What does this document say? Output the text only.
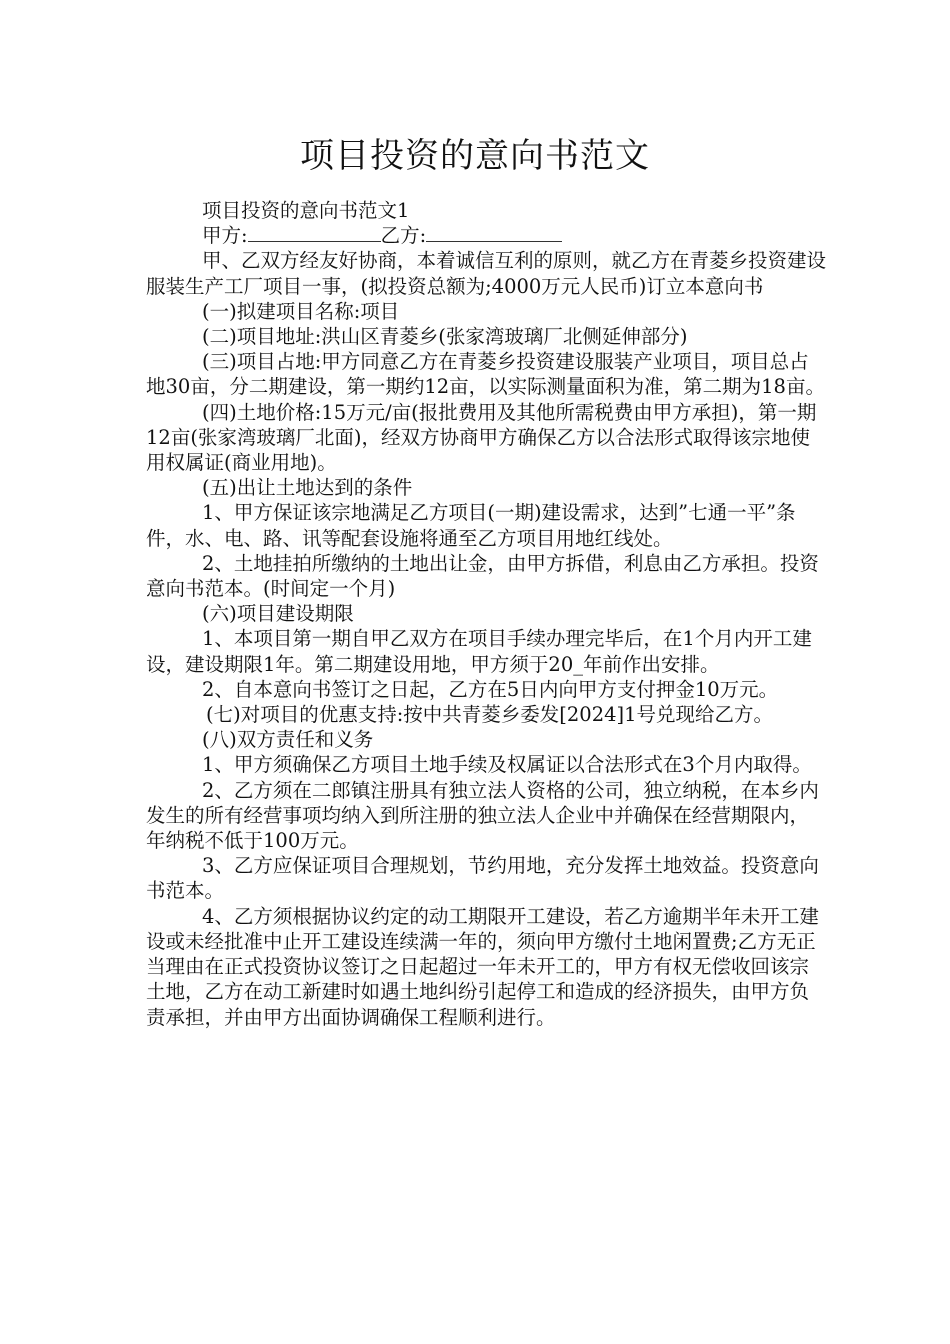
项目投资的意向书范文

项目投资的意向书范文1

甲方:	乙方:

甲、乙双方经友好协商，本着诚信互利的原则，就乙方在青菱乡投资建设服装生产工厂项目一事，(拟投资总额为;4000万元人民币)订立本意向书

(一)拟建项目名称:项目

(二)项目地址:洪山区青菱乡(张家湾玻璃厂北侧延伸部分)

(三)项目占地:甲方同意乙方在青菱乡投资建设服装产业项目，项目总占地30亩，分二期建设，第一期约12亩，以实际测量面积为准，第二期为18亩。

(四)土地价格:15万元/亩(报批费用及其他所需税费由甲方承担)，第一期12亩(张家湾玻璃厂北面)，经双方协商甲方确保乙方以合法形式取得该宗地使用权属证(商业用地)。

(五)出让土地达到的条件

1、甲方保证该宗地满足乙方项目(一期)建设需求，达到”七通一平”条件，水、电、路、讯等配套设施将通至乙方项目用地红线处。

2、土地挂拍所缴纳的土地出让金，由甲方拆借，利息由乙方承担。投资意向书范本。(时间定一个月)

(六)项目建设期限

1、本项目第一期自甲乙双方在项目手续办理完毕后，在1个月内开工建设，建设期限1年。第二期建设用地，甲方须于20_年前作出安排。

2、自本意向书签订之日起，乙方在5日内向甲方支付押金10万元。

(七)对项目的优惠支持:按中共青菱乡委发[2024]1号兑现给乙方。

(八)双方责任和义务

1、甲方须确保乙方项目土地手续及权属证以合法形式在3个月内取得。

2、乙方须在二郎镇注册具有独立法人资格的公司，独立纳税，在本乡内发生的所有经营事项均纳入到所注册的独立法人企业中并确保在经营期限内，年纳税不低于100万元。

3、乙方应保证项目合理规划，节约用地，充分发挥土地效益。投资意向书范本。

4、乙方须根据协议约定的动工期限开工建设，若乙方逾期半年未开工建设或未经批准中止开工建设连续满一年的，须向甲方缴付土地闲置费;乙方无正当理由在正式投资协议签订之日起超过一年未开工的，甲方有权无偿收回该宗土地，乙方在动工新建时如遇土地纠纷引起停工和造成的经济损失，由甲方负责承担，并由甲方出面协调确保工程顺利进行。
